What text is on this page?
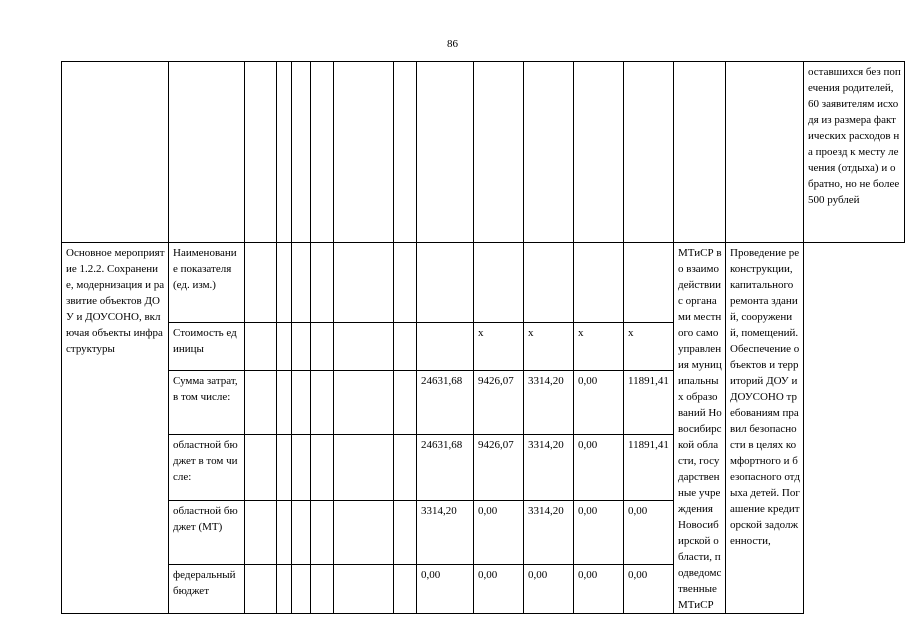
86
															оставшихся без попечения родителей, 60 заявителям исходя из размера фактических расходов на проезд к месту лечения (отдыха) и обратно, но не более 500 рублей
Основное мероприятие 1.2.2. Сохранение, модернизация и развитие объектов ДОУ и ДОУСОНО, включая объекты инфраструктуры	Наименование показателя (ед. изм.)												МТиСР во взаимодействии с органами местного самоуправления муниципальных образований Новосибирской области, государственные учреждения Новосибирской области, подведомственные МТиСР	Проведение реконструкции, капитального ремонта зданий, сооружений, помещений. Обеспечение объектов и территорий ДОУ и ДОУСОНО требованиям правил безопасности в целях комфортного и безопасного отдыха детей. Погашение кредиторской задолженности,	
	Стоимость единицы								х	х	х	х			
	Сумма затрат, в том числе:							24631,68	9426,07	3314,20	0,00	11891,41			
	областной бюджет в том числе:							24631,68	9426,07	3314,20	0,00	11891,41			
	областной бюджет (МТ)							3314,20	0,00	3314,20	0,00	0,00			
	федеральный бюджет							0,00	0,00	0,00	0,00	0,00			
